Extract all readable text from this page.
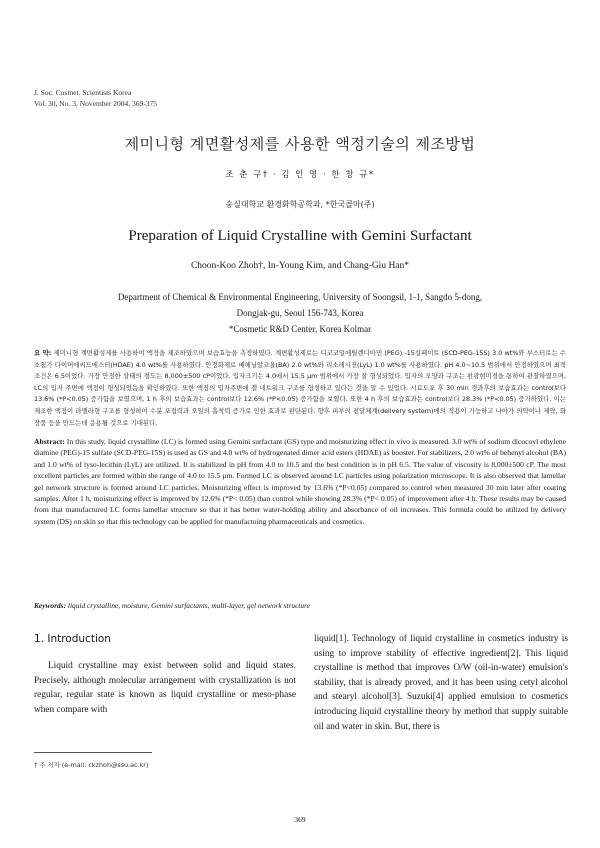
J. Soc. Cosmet. Scientists Korea
Vol. 30, No. 3, November 2004, 369-375
제미니형 계면활성제를 사용한 액정기술의 제조방법
조 춘 구† · 김 인 영 · 한 창 규*
숭실대학교 환경화학공학과, *한국콜마(주)
Preparation of Liquid Crystalline with Gemini Surfactant
Choon-Koo Zhoh†, In-Young Kim, and Chang-Giu Han*
Department of Chemical & Environmental Engineering, University of Soongsil, 1-1, Sangdo 5-dong,
Dongjak-gu, Seoul 156-743, Korea
*Cosmetic R&D Center, Korea Kolmar
요 약: 제미니형 계면활성제를 사용하여 액정을 제조하였으며 보습효능을 측정하였다. 계면활성제로는 디코코일에틸렌디아민 (PEG) -15설페이트 (SCD-PEG-15S) 3.0 wt%와 부스터로는 수소첨가 다이머에씨드에스터(HDAE) 4.0 wt%를 사용하였다. 안정화제로 베헤닐알코올(BA) 2.0 wt%와 리소레시진(LyL) 1.0 wt%를 사용하였다. pH 4.0~10.5 범위에서 안정하였으며 최적조건은 6.5이었다. 가장 안정한 상태의 점도는 8,000±500 cP이었다. 입자크기는 4.0에서 15.5 μm 범위에서 가장 잘 형성되었다. 입자의 모양과 구조는 편광현미경을 통하여 관찰하였으며, LC의 입자 주변에 액정이 형성되었음을 확인하였다. 또한 액정의 입자주변에 겔 네트워크 구조를 형성하고 있다는 것을 알 수 있었다. 시료도포 후 30 min 경과후의 보습효과는 control보다 13.6% (*P<0.05) 증가함을 보였으며, 1 h 후의 보습효과는 control보다 12.6% (*P<0.05) 증가함을 보였다. 또한 4 h 후의 보습효과는 control보다 28.3% (*P<0.05) 증가하였다. 이는 제조한 액정이 라멜라형 구조를 형성하여 수분 포접력과 오일의 흡착력 증가로 인한 효과로 판단된다. 향후 피부의 전달체계(delivery system)에의 적용이 가능하고 나아가 의약이나 제약, 화장품 등을 만드는데 응용될 것으로 기대된다.
Abstract: In this study, liquid crystalline (LC) is formed using Gemini surfactant (GS) type and moisturizing effect in vivo is measured. 3.0 wt% of sodium dicocoyl ethylene diamine (PEG)-15 sulfate (SCD-PEG-15S) is used as GS and 4.0 wt% of hydrogenated dimer acid esters (HDAE) as booster. For stabilizers, 2.0 wt% of behenyl alcohol (BA) and 1.0 wt% of lyso-lecithin (LyL) are utilized. It is stabilized in pH from 4.0 to 10.5 and the best condition is in pH 6.5. The value of viscosity is 8,000±500 cP. The most excellent particles are formed within the range of 4.0 to 15.5 μm. Formed LC is observed around LC particles using polarization microscope. It is also observed that lamellar gel network structure is formed around LC particles. Moisturizing effect is improved by 13.6% (*P<0.05) compared to control when measured 30 min later after coating samples. After 1 h, moisturizing effect is improved by 12.6% (*P< 0.05) than control while showing 28.3% (*P< 0.05) of improvement after 4 h. These results may be caused from that manufactured LC forms lamellar structure so that it has better water-holding ability and absorbance of oil increases. This formula could be utilized by delivery system (DS) on skin so that this technology can be applied for manufactuing pharmaceuticals and cosmetics.
Keywords: liquid crystalline, moisture, Gemini surfactants, multi-layer, gel network structure
1. Introduction

Liquid crystalline may exist between solid and liquid states. Precisely, although molecular arrangement with crystallization is not regular, regular state is known as liquid crystalline or meso-phase when compare with

liquid[1]. Technology of liquid crystalline in cosmetics industry is using to improve stability of effective ingredient[2]. This liquid crystalline is method that improves O/W (oil-in-water) emulsion's stability, that is already proved, and it has been using cetyl alcohol and stearyl alcohol[3]. Suzuki[4] applied emulsion to cosmetics introducing liquid crystalline theory by method that supply suitable oil and water in skin. But, there is
† 주 저자 (e-mail: ckzhoh@ssu.ac.kr)
369
